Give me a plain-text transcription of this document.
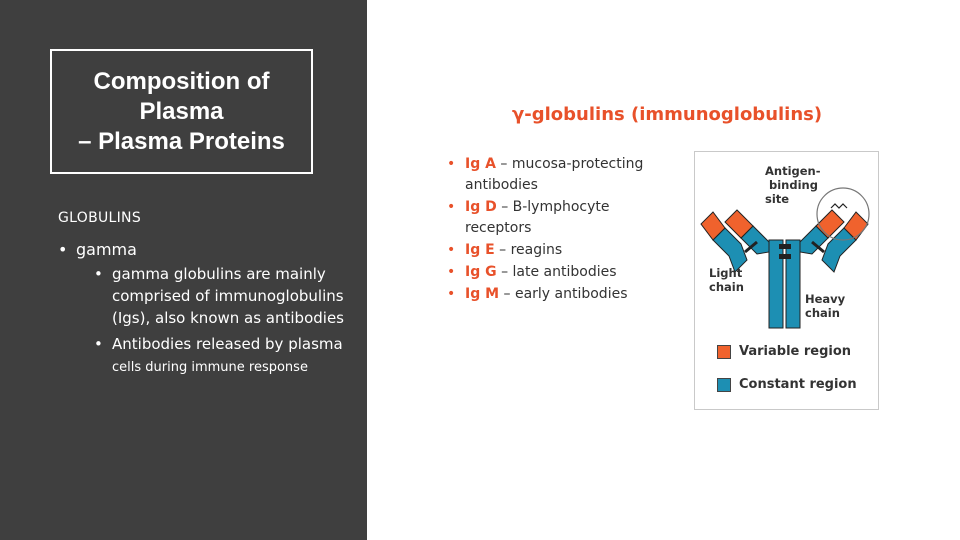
Composition of
Plasma
– Plasma Proteins
GLOBULINS
• gamma
• gamma globulins are mainly comprised of immunoglobulins (Igs), also known as antibodies
• Antibodies released by plasma cells during immune response
γ-globulins (immunoglobulins)
• Ig A – mucosa-protecting antibodies
• Ig D – B-lymphocyte receptors
• Ig E – reagins
• Ig G – late antibodies
• Ig M – early antibodies
Antigen-
binding
site
Light
chain
Heavy
chain
Variable region
Constant region
